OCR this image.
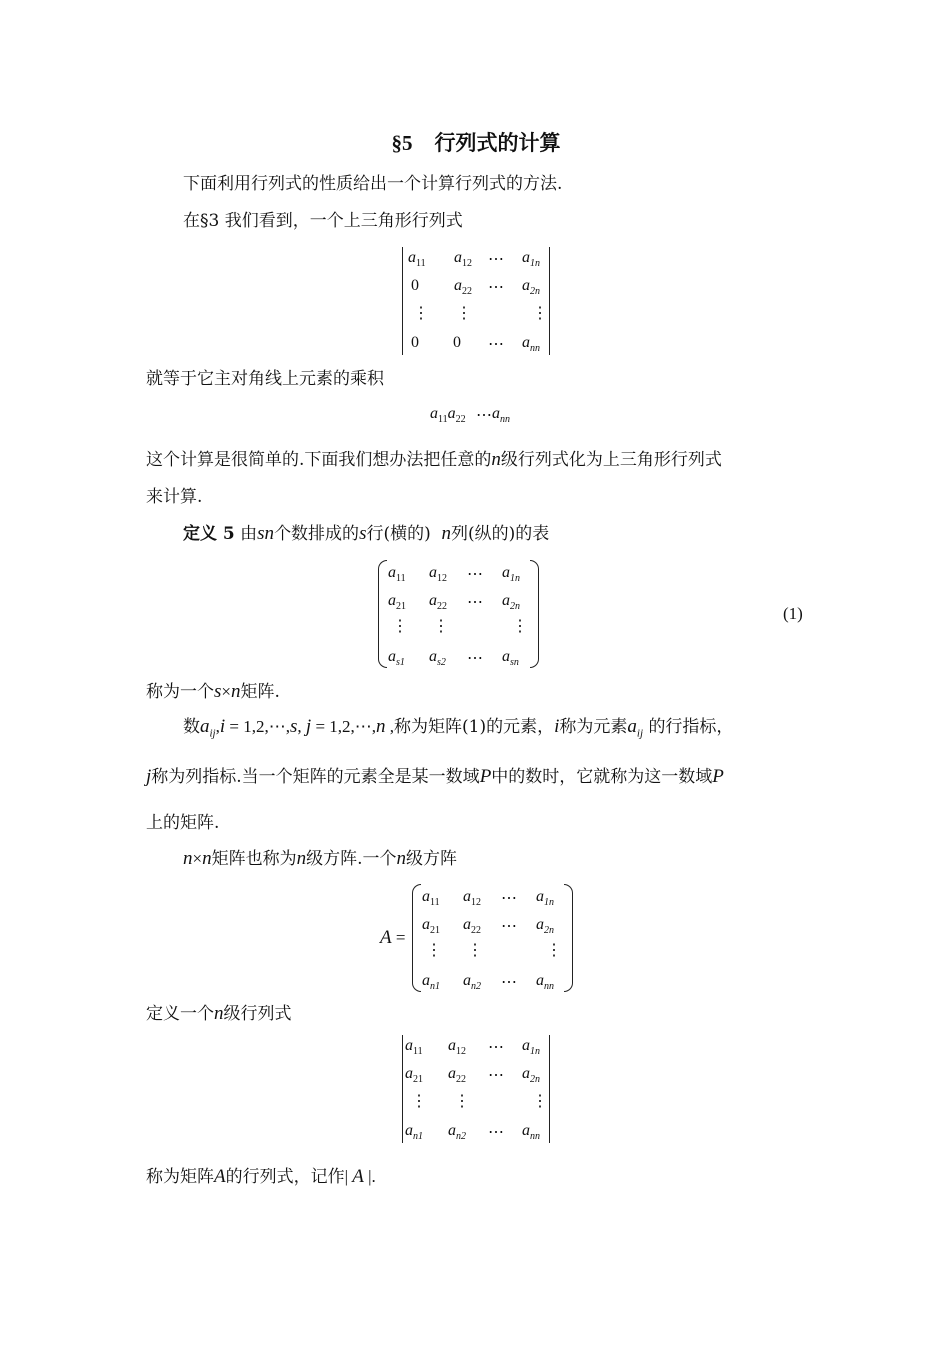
§5 行列式的计算
下面利用行列式的性质给出一个计算行列式的方法.
在§3 我们看到，一个上三角形行列式
$a_{11}$ $a_{12}$ ⋯ $a_{1n}$
0 $a_{22}$ ⋯ $a_{2n}$
⋮ ⋮	⋮
0 0 ⋯ $a_{nn}$
就等于它主对角线上元素的乘积
$a_{11}a_{22}$ ⋯ $a_{nn}$
这个计算是很简单的.下面我们想办法把任意的n级行列式化为上三角形行列式
来计算.
定义 5 由sn个数排成的s行(横的) n列(纵的)的表
$a_{11}$ $a_{12}$ ⋯ $a_{1n}$
$a_{21}$ $a_{22}$ ⋯ $a_{2n}$
⋮ ⋮	⋮
$a_{s1}$ $a_{s2}$ ⋯ $a_{sn}$
(1)
称为一个s×n矩阵.
数$a_{ij},i$ = 1,2,⋯,s, j = 1,2,⋯,n ,称为矩阵(1)的元素，i称为元素$a_{ij}$ 的行指标，
j称为列指标.当一个矩阵的元素全是某一数域P中的数时，它就称为这一数域P
上的矩阵.
n×n矩阵也称为n级方阵.一个n级方阵
A =
$a_{11}$ $a_{12}$ ⋯ $a_{1n}$
$a_{21}$ $a_{22}$ ⋯ $a_{2n}$
⋮ ⋮	⋮
$a_{n1}$ $a_{n2}$ ⋯ $a_{nn}$
定义一个n级行列式
$a_{11}$ $a_{12}$ ⋯ $a_{1n}$
$a_{21}$ $a_{22}$ ⋯ $a_{2n}$
⋮ ⋮	⋮
$a_{n1}$ $a_{n2}$ ⋯ $a_{nn}$
称为矩阵A的行列式，记作| A |.
